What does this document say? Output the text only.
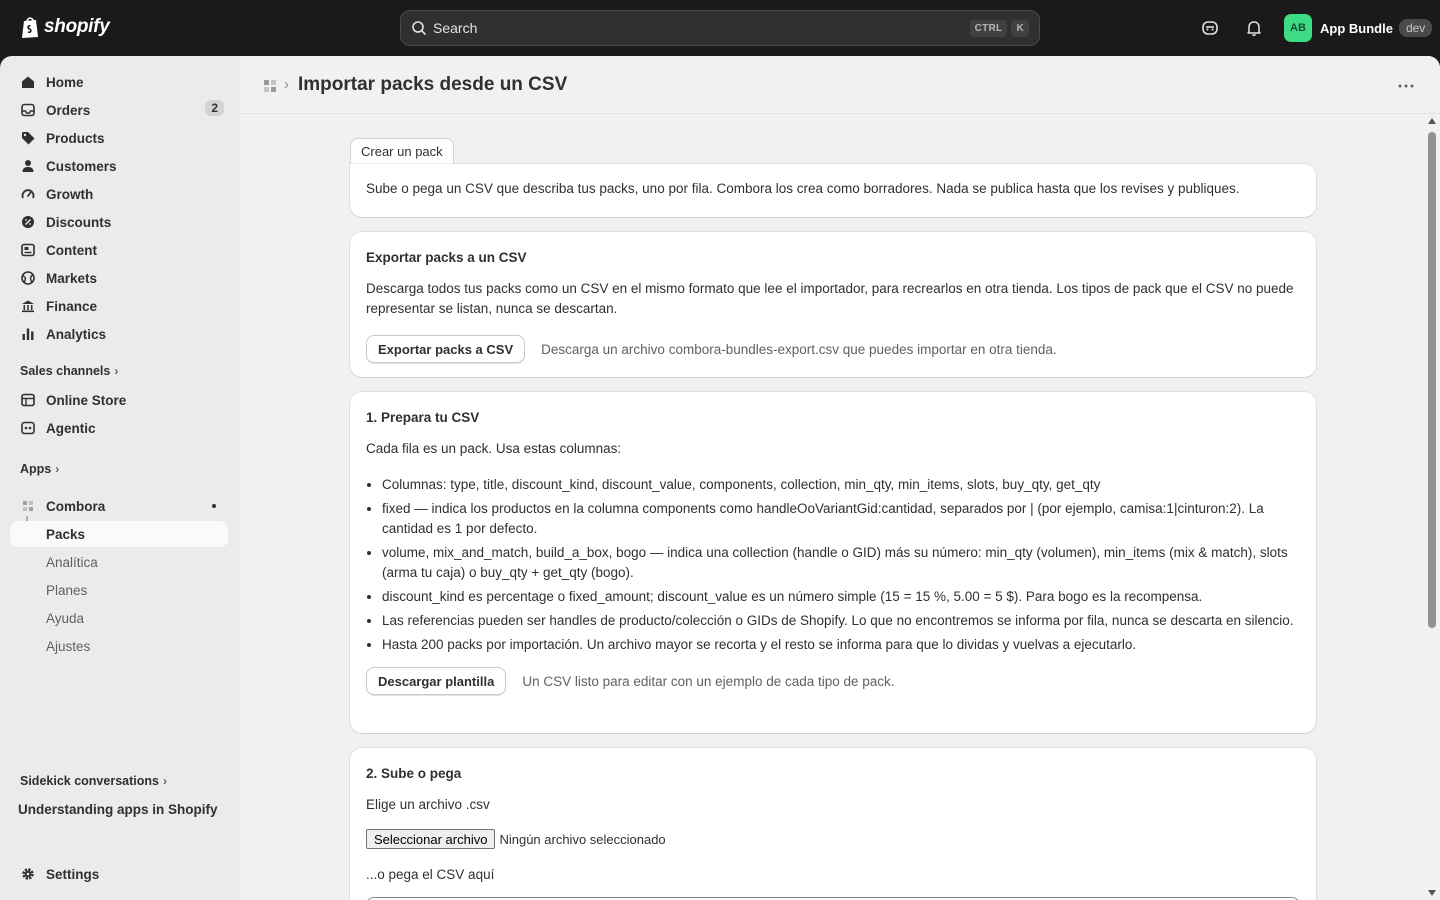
shopify	Search	CTRL	K	AB	App Bundle	dev
Home
Orders	2
Products
Customers
Growth
Discounts
Content
Markets
Finance
Analytics
Sales channels ›
Online Store
Agentic
Apps ›
Combora
Packs
Analítica
Planes
Ayuda
Ajustes
Sidekick conversations ›
Understanding apps in Shopify
Settings
› Importar packs desde un CSV
Crear un pack

Sube o pega un CSV que describa tus packs, uno por fila. Combora los crea como borradores. Nada se publica hasta que los revises y publiques.

Exportar packs a un CSV

Descarga todos tus packs como un CSV en el mismo formato que lee el importador, para recrearlos en otra tienda. Los tipos de pack que el CSV no puede representar se listan, nunca se descartan.

Exportar packs a CSV	Descarga un archivo combora-bundles-export.csv que puedes importar en otra tienda.
1. Prepara tu CSV

Cada fila es un pack. Usa estas columnas:

• Columnas: type, title, discount_kind, discount_value, components, collection, min_qty, min_items, slots, buy_qty, get_qty
• fixed — indica los productos en la columna components como handleOoVariantGid:cantidad, separados por | (por ejemplo, camisa:1|cinturon:2). La cantidad es 1 por defecto.
• volume, mix_and_match, build_a_box, bogo — indica una collection (handle o GID) más su número: min_qty (volumen), min_items (mix & match), slots (arma tu caja) o buy_qty + get_qty (bogo).
• discount_kind es percentage o fixed_amount; discount_value es un número simple (15 = 15 %, 5.00 = 5 $). Para bogo es la recompensa.
• Las referencias pueden ser handles de producto/colección o GIDs de Shopify. Lo que no encontremos se informa por fila, nunca se descarta en silencio.
• Hasta 200 packs por importación. Un archivo mayor se recorta y el resto se informa para que lo dividas y vuelvas a ejecutarlo.
Descargar plantilla	Un CSV listo para editar con un ejemplo de cada tipo de pack.
2. Sube o pega

Elige un archivo .csv

Seleccionar archivo Ningún archivo seleccionado

...o pega el CSV aquí
